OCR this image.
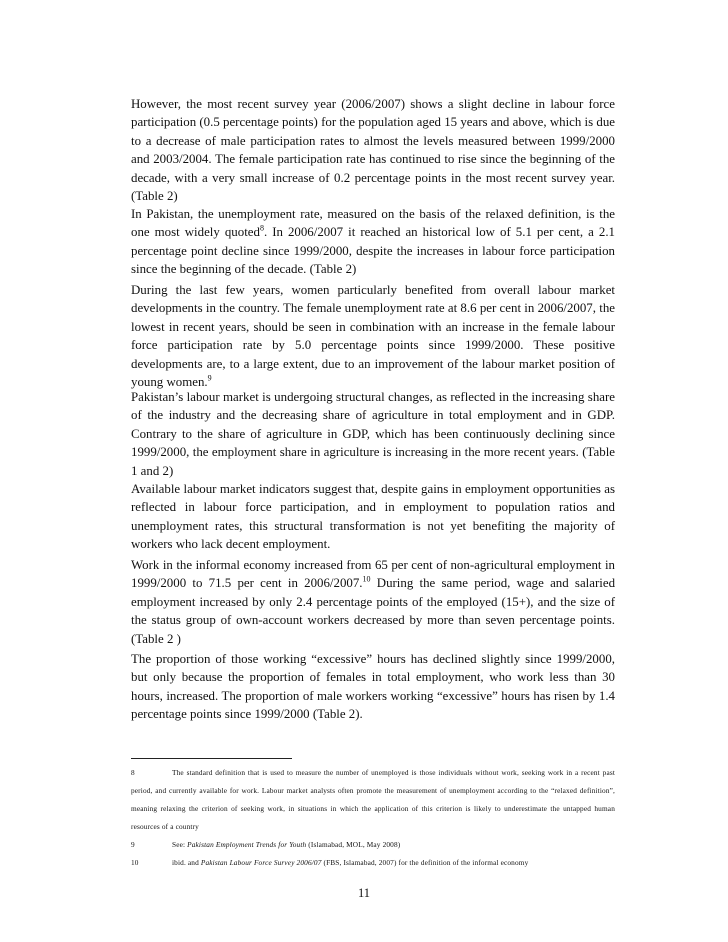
However, the most recent survey year (2006/2007) shows a slight decline in labour force participation (0.5 percentage points) for the population aged 15 years and above, which is due to a decrease of male participation rates to almost the levels measured between 1999/2000 and 2003/2004. The female participation rate has continued to rise since the beginning of the decade, with a very small increase of 0.2 percentage points in the most recent survey year. (Table 2)

In Pakistan, the unemployment rate, measured on the basis of the relaxed definition, is the one most widely quoted$^8$. In 2006/2007 it reached an historical low of 5.1 per cent, a 2.1 percentage point decline since 1999/2000, despite the increases in labour force participation since the beginning of the decade. (Table 2)

During the last few years, women particularly benefited from overall labour market developments in the country. The female unemployment rate at 8.6 per cent in 2006/2007, the lowest in recent years, should be seen in combination with an increase in the female labour force participation rate by 5.0 percentage points since 1999/2000. These positive developments are, to a large extent, due to an improvement of the labour market position of young women.$^9$

Pakistan’s labour market is undergoing structural changes, as reflected in the increasing share of the industry and the decreasing share of agriculture in total employment and in GDP. Contrary to the share of agriculture in GDP, which has been continuously declining since 1999/2000, the employment share in agriculture is increasing in the more recent years. (Table 1 and 2)

Available labour market indicators suggest that, despite gains in employment opportunities as reflected in labour force participation, and in employment to population ratios and unemployment rates, this structural transformation is not yet benefiting the majority of workers who lack decent employment.

Work in the informal economy increased from 65 per cent of non-agricultural employment in 1999/2000 to 71.5 per cent in 2006/2007.10 During the same period, wage and salaried employment increased by only 2.4 percentage points of the employed (15+), and the size of the status group of own-account workers decreased by more than seven percentage points.(Table 2 )

The proportion of those working “excessive” hours has declined slightly since 1999/2000, but only because the proportion of females in total employment, who work less than 30 hours, increased. The proportion of male workers working “excessive” hours has risen by 1.4 percentage points since 1999/2000 (Table 2).

8	The standard definition that is used to measure the number of unemployed is those individuals without work, seeking work in a recent past period, and currently available for work. Labour market analysts often promote the measurement of unemployment according to the “relaxed definition”, meaning relaxing the criterion of seeking work, in situations in which the application of this criterion is likely to underestimate the untapped human resources of a country

9	See: Pakistan Employment Trends for Youth (Islamabad, MOL, May 2008)

10	ibid. and Pakistan Labour Force Survey 2006/07 (FBS, Islamabad, 2007) for the definition of the informal economy

11
